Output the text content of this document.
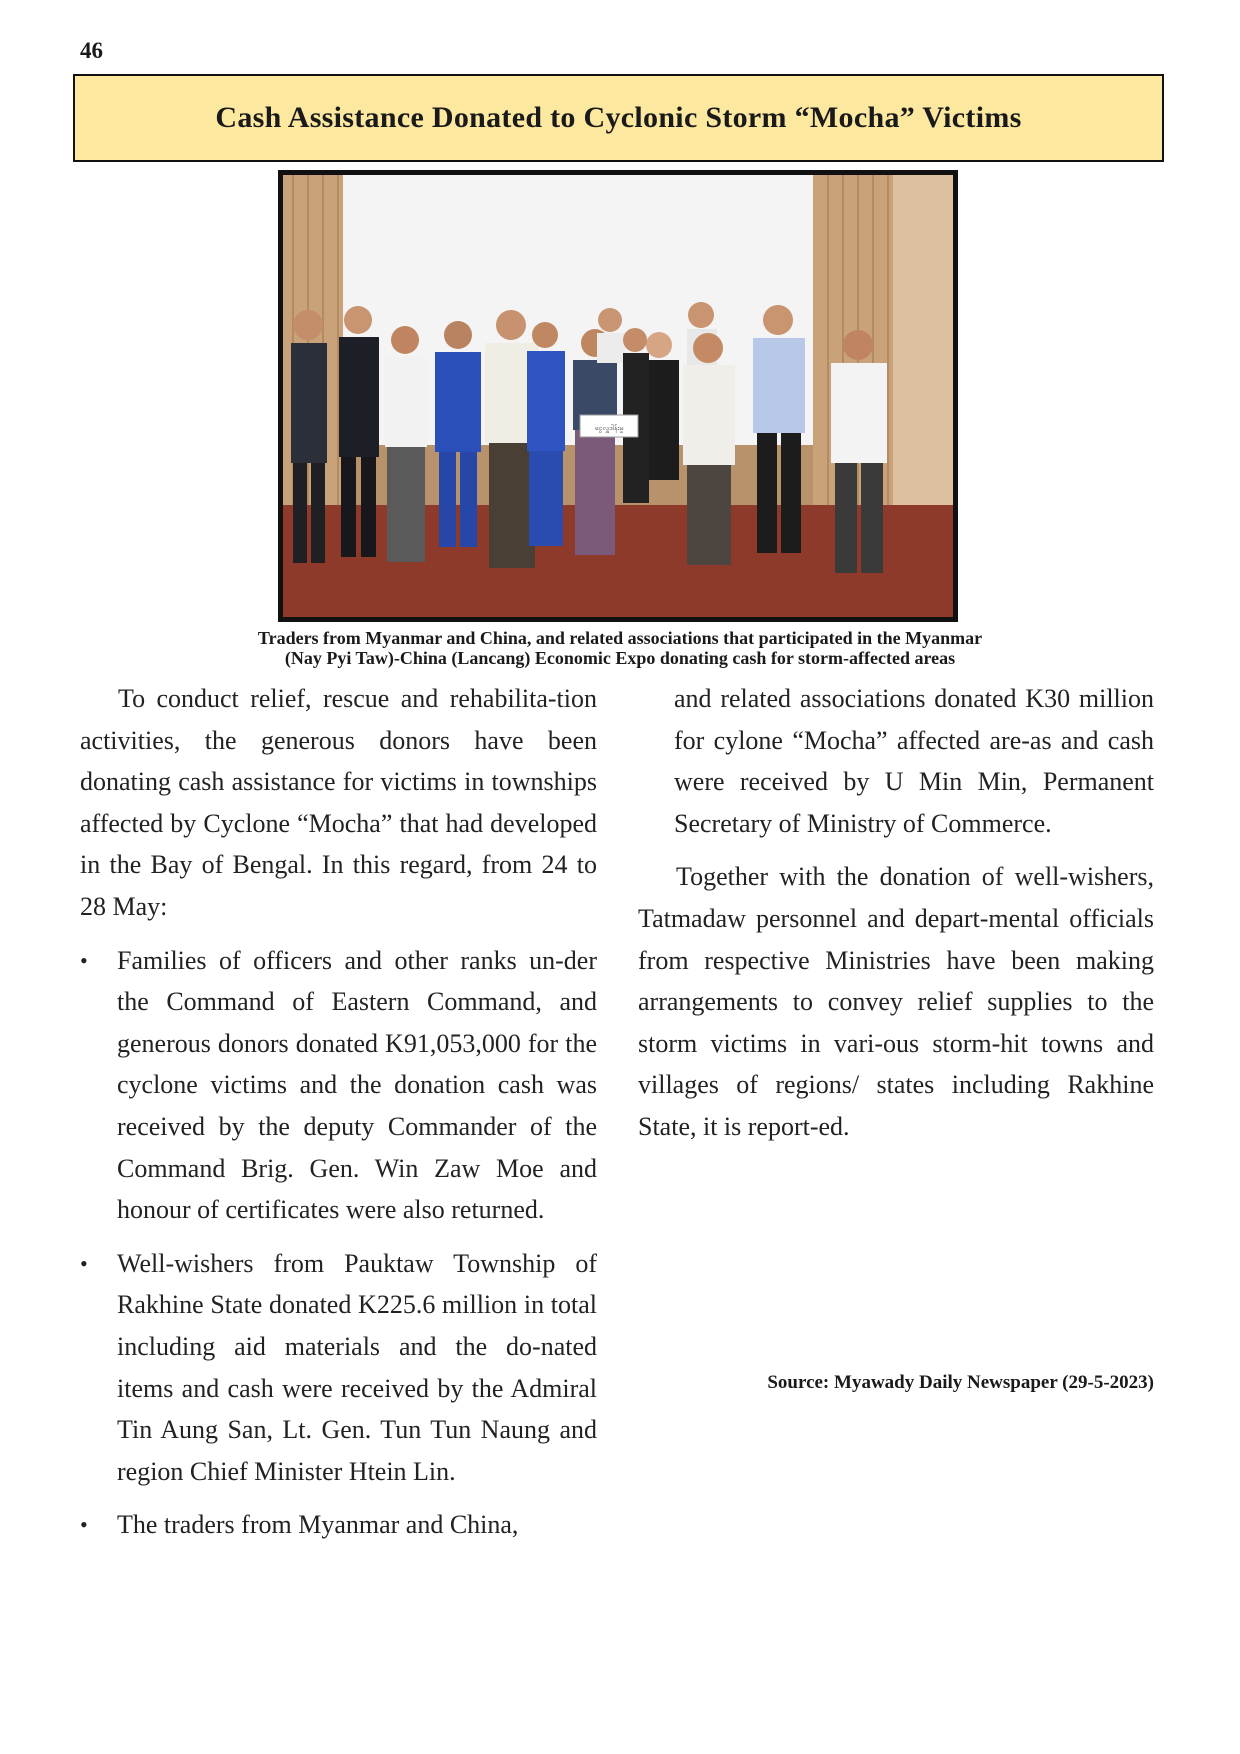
46
Cash Assistance Donated to Cyclonic Storm “Mocha” Victims
ငွေလှူဒါန်းမှု
Traders from Myanmar and China, and related associations that participated in the Myanmar
(Nay Pyi Taw)-China (Lancang) Economic Expo donating cash for storm-affected areas

To conduct relief, rescue and rehabilita-tion activities, the generous donors have been donating cash assistance for victims in townships affected by Cyclone “Mocha” that had developed in the Bay of Bengal. In this regard, from 24 to 28 May:

• Families of officers and other ranks un-der the Command of Eastern Command, and generous donors donated K91,053,000 for the cyclone victims and the donation cash was received by the deputy Commander of the Command Brig. Gen. Win Zaw Moe and honour of certificates were also returned.
• Well-wishers from Pauktaw Township of Rakhine State donated K225.6 million in total including aid materials and the do-nated items and cash were received by the Admiral Tin Aung San, Lt. Gen. Tun Tun Naung and region Chief Minister Htein Lin.
• The traders from Myanmar and China,

and related associations donated K30 million for cylone “Mocha” affected are-as and cash were received by U Min Min, Permanent Secretary of Ministry of Commerce.

Together with the donation of well-wishers, Tatmadaw personnel and depart-mental officials from respective Ministries have been making arrangements to convey relief supplies to the storm victims in vari-ous storm-hit towns and villages of regions/ states including Rakhine State, it is report-ed.

Source: Myawady Daily Newspaper (29-5-2023)
